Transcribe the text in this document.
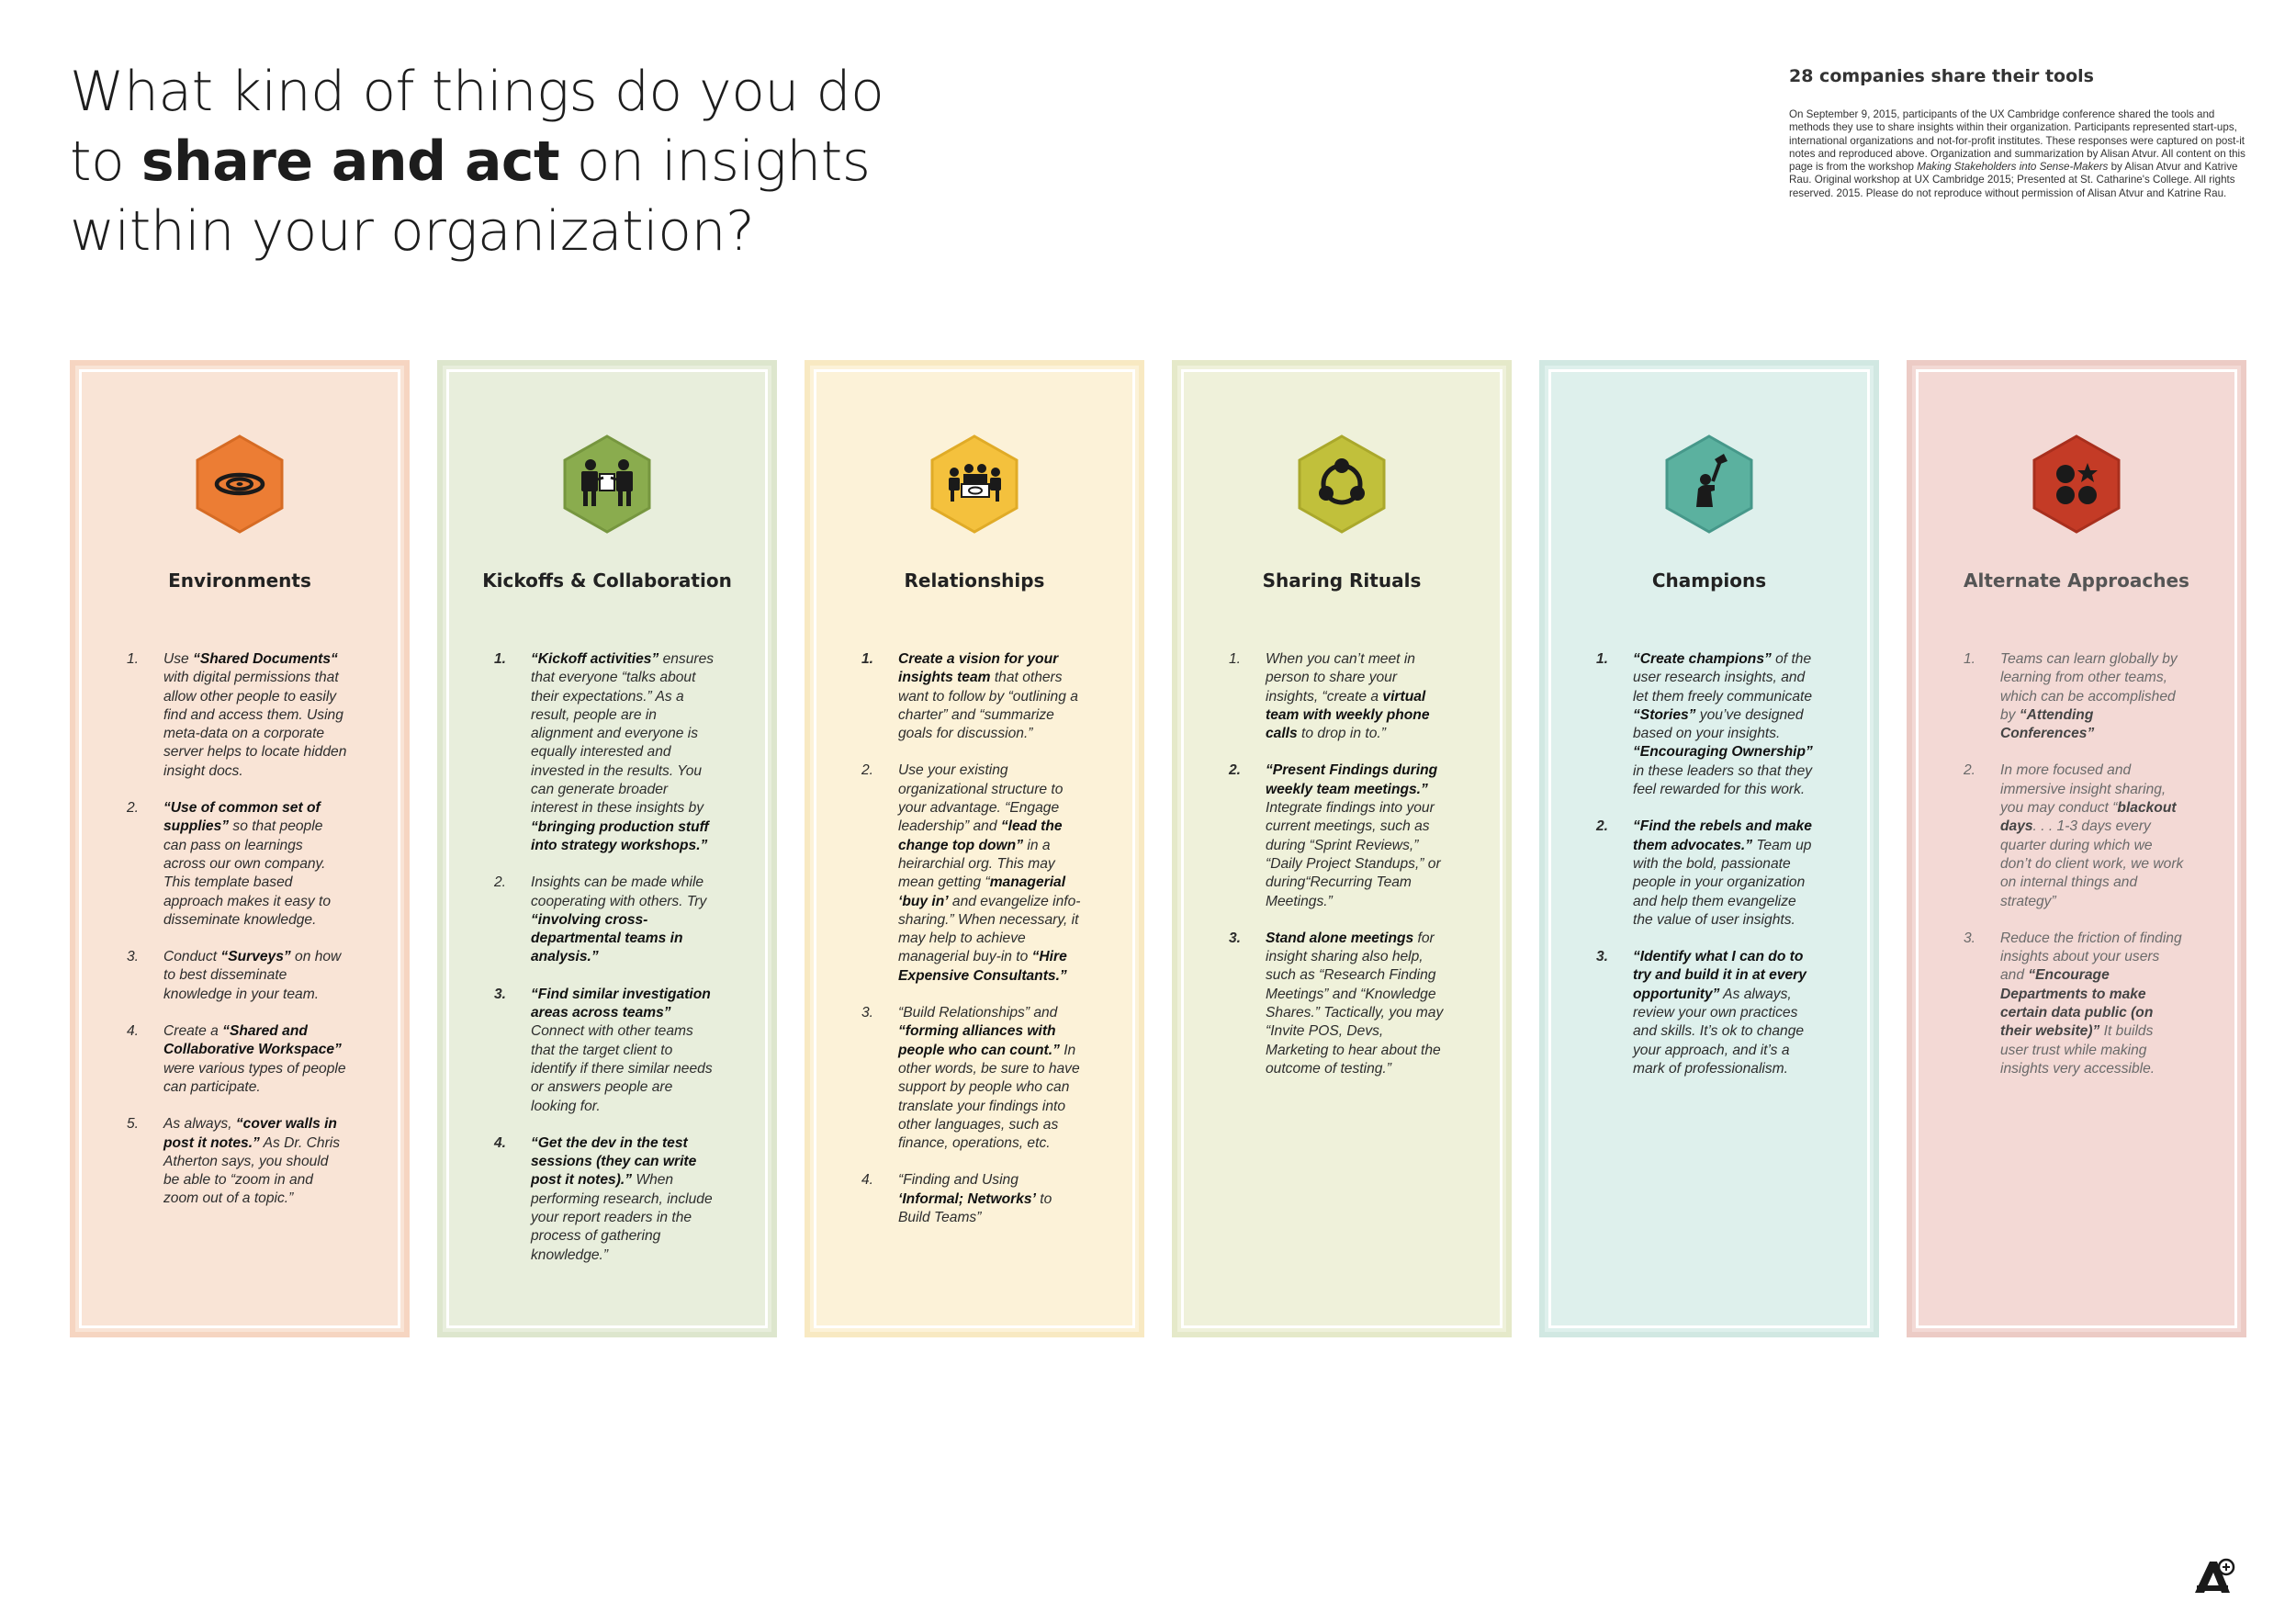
What kind of things do you do
to share and act on insights
within your organization?

28 companies share their tools

On September 9, 2015, participants of the UX Cambridge conference shared the tools and methods they use to share insights within their organization. Participants represented start-ups, international organizations and not-for-profit institutes. These responses were captured on post-it notes and reproduced above. Organization and summarization by Alisan Atvur. All content on this page is from the workshop Making Stakeholders into Sense-Makers by Alisan Atvur and Katrive Rau. Original workshop at UX Cambridge 2015; Presented at St. Catharine's College. All rights reserved. 2015. Please do not reproduce without permission of Alisan Atvur and Katrine Rau.

Environments
1. Use “Shared Documents“ with digital permissions that allow other people to easily find and access them. Using meta-data on a corporate server helps to locate hidden insight docs.
2. “Use of common set of supplies” so that people can pass on learnings across our own company. This template based approach makes it easy to disseminate knowledge.
3. Conduct “Surveys” on how to best disseminate knowledge in your team.
4. Create a “Shared and Collaborative Workspace” were various types of people can participate.
5. As always, “cover walls in post it notes.” As Dr. Chris Atherton says, you should be able to “zoom in and zoom out of a topic.”
Kickoffs & Collaboration
1. “Kickoff activities” ensures that everyone “talks about their expectations.” As a result, people are in alignment and everyone is equally interested and invested in the results. You can generate broader interest in these insights by “bringing production stuff into strategy workshops.”
2. Insights can be made while cooperating with others. Try “involving cross-departmental teams in analysis.”
3. “Find similar investigation areas across teams” Connect with other teams that the target client to identify if there similar needs or answers people are looking for.
4. “Get the dev in the test sessions (they can write post it notes).” When performing research, include your report readers in the process of gathering knowledge.”
Relationships
1. Create a vision for your insights team that others want to follow by “outlining a charter” and “summarize goals for discussion.”
2. Use your existing organizational structure to your advantage. “Engage leadership” and “lead the change top down” in a heirarchial org. This may mean getting “managerial ‘buy in’ and evangelize info-sharing.” When necessary, it may help to achieve managerial buy-in to “Hire Expensive Consultants.”
3. “Build Relationships” and “forming alliances with people who can count.” In other words, be sure to have support by people who can translate your findings into other languages, such as finance, operations, etc.
4. “Finding and Using ‘Informal; Networks’ to Build Teams”
Sharing Rituals
1. When you can’t meet in person to share your insights, “create a virtual team with weekly phone calls to drop in to.”
2. “Present Findings during weekly team meetings.” Integrate findings into your current meetings, such as during “Sprint Reviews,” “Daily Project Standups,” or during“Recurring Team Meetings.”
3. Stand alone meetings for insight sharing also help, such as “Research Finding Meetings” and “Knowledge Shares.” Tactically, you may “Invite POS, Devs, Marketing to hear about the outcome of testing.”
Champions
1. “Create champions” of the user research insights, and let them freely communicate “Stories” you’ve designed based on your insights. “Encouraging Ownership” in these leaders so that they feel rewarded for this work.
2. “Find the rebels and make them advocates.” Team up with the bold, passionate people in your organization and help them evangelize the value of user insights.
3. “Identify what I can do to try and build it in at every opportunity” As always, review your own practices and skills. It’s ok to change your approach, and it’s a mark of professionalism.
Alternate Approaches
1. Teams can learn globally by learning from other teams, which can be accomplished by “Attending Conferences”
2. In more focused and immersive insight sharing, you may conduct “blackout days. . . 1-3 days every quarter during which we don’t do client work, we work on internal things and strategy”
3. Reduce the friction of finding insights about your users and “Encourage Departments to make certain data public (on their website)” It builds user trust while making insights very accessible.
